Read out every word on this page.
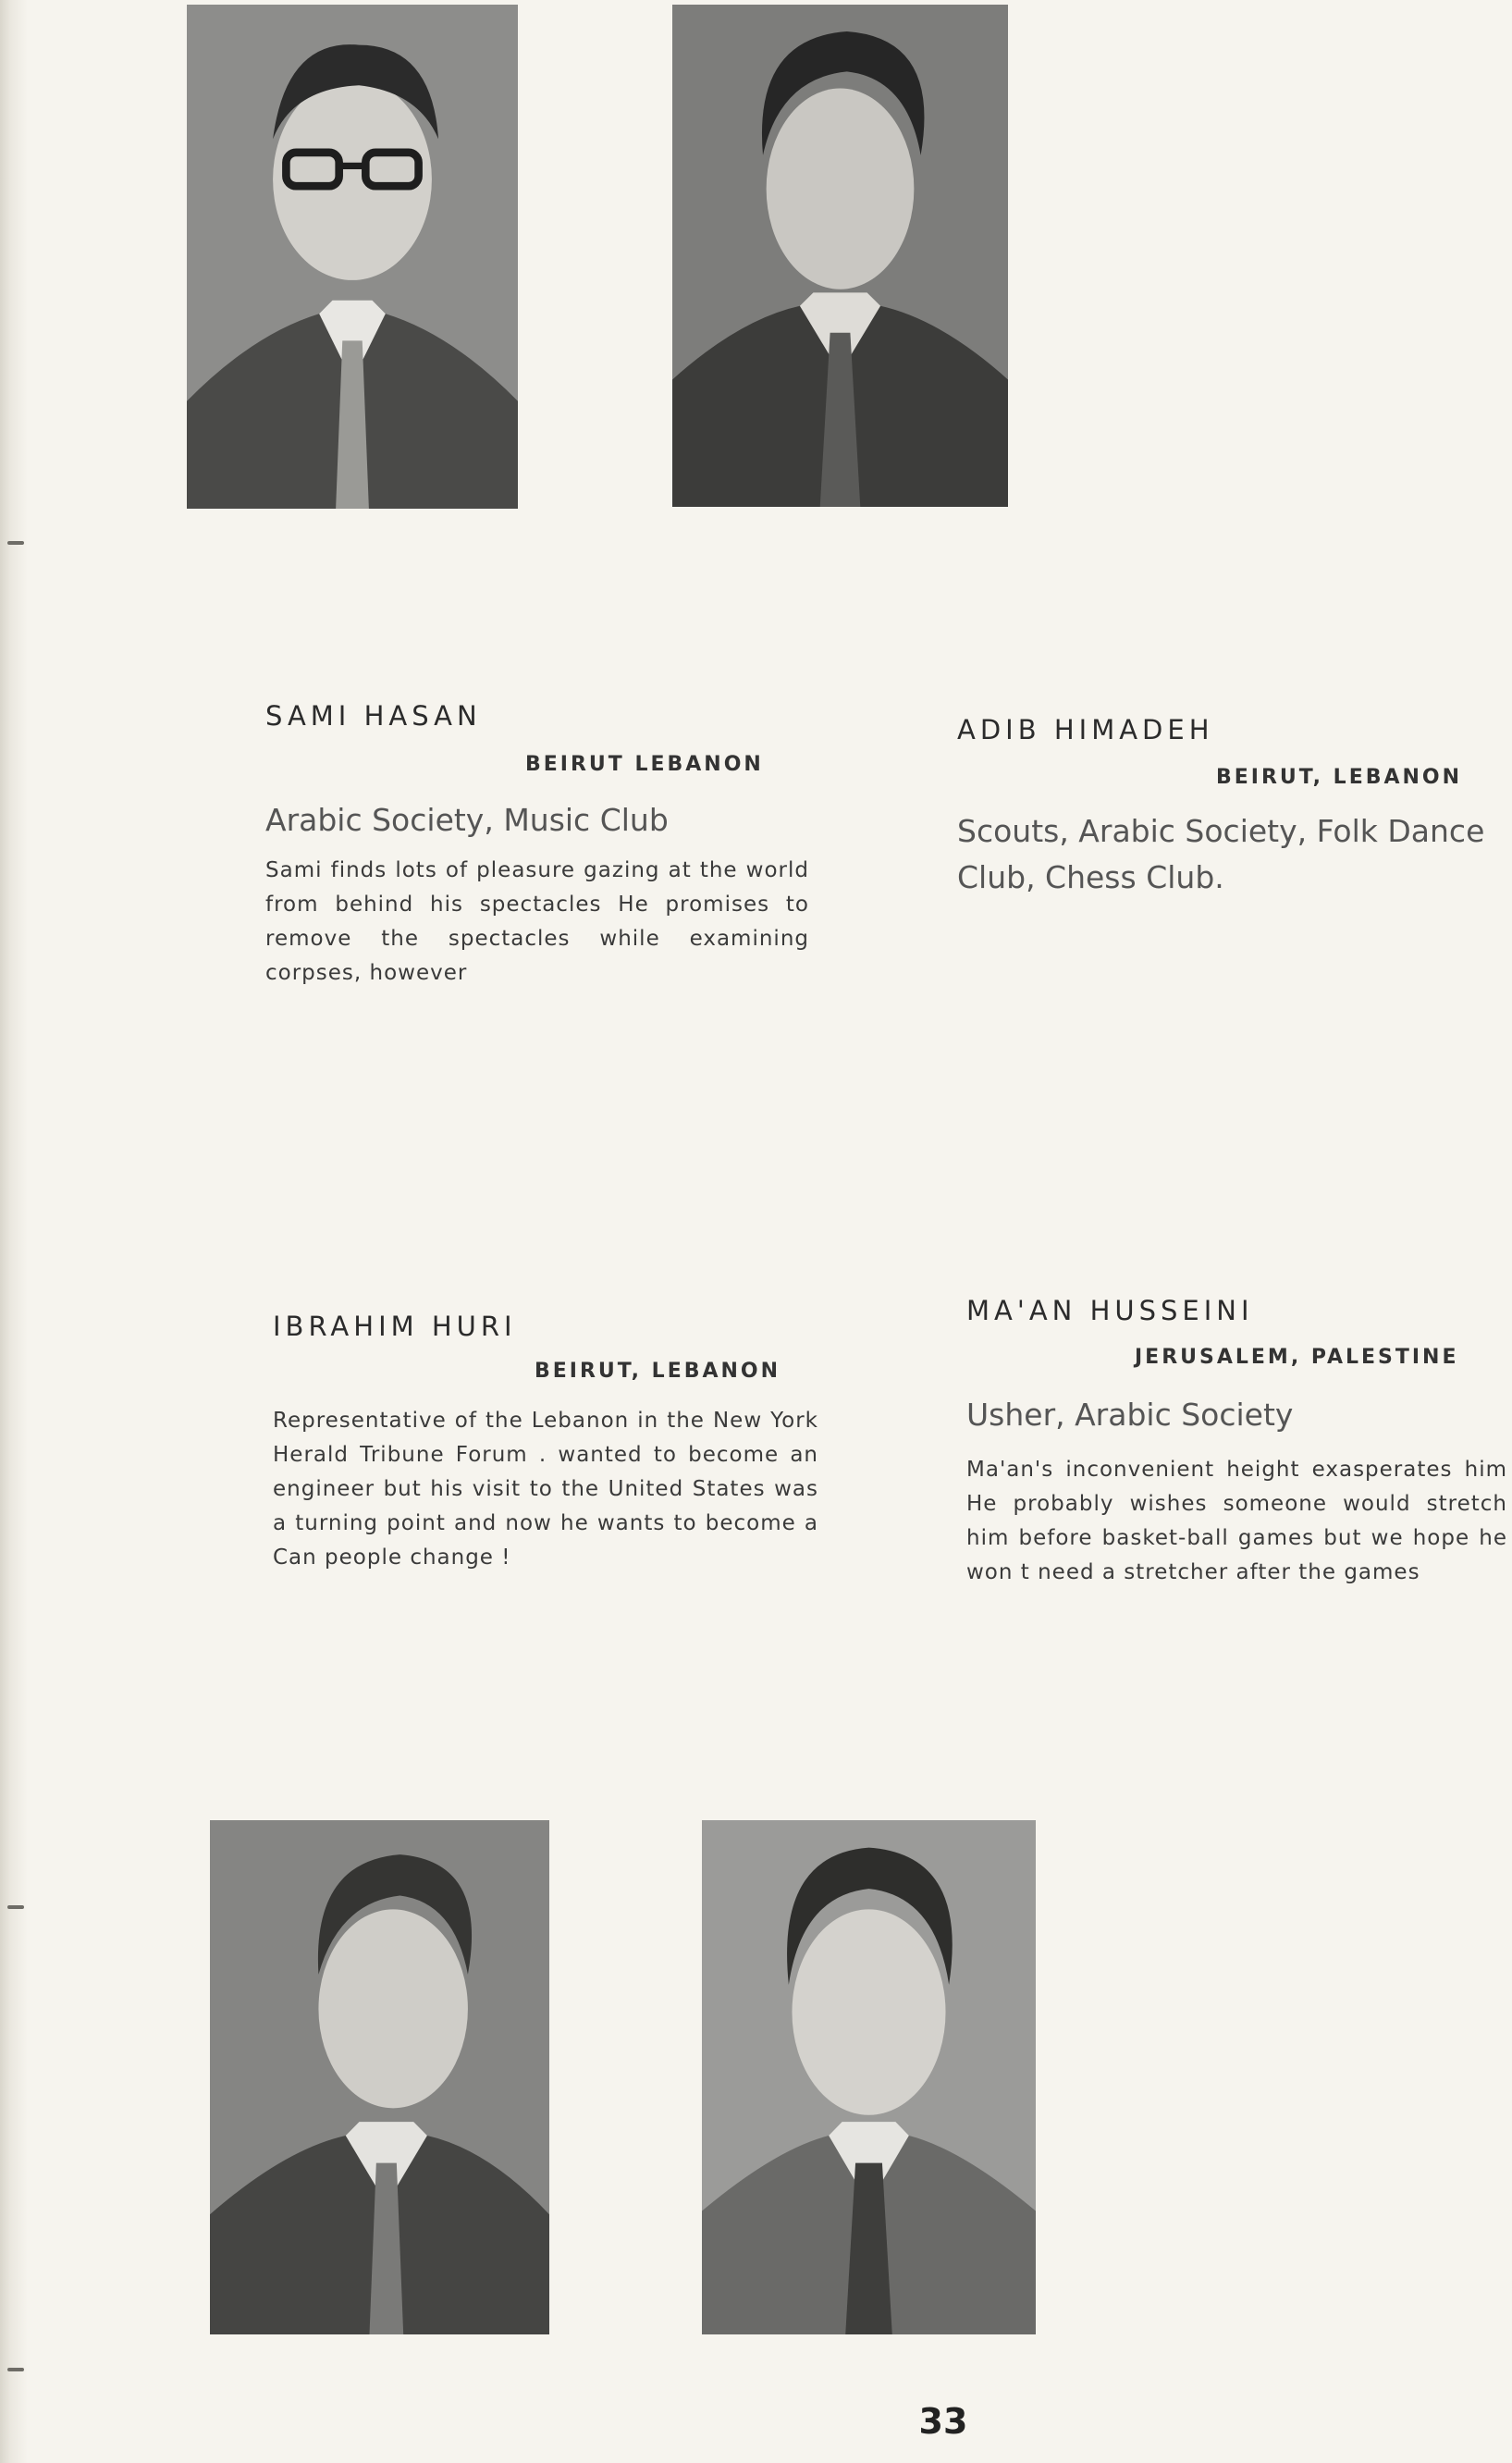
SAMI HASAN
BEIRUT LEBANON
Arabic Society, Music Club
Sami finds lots of pleasure gazing at the world from behind his spectacles He promises to remove the spectacles while examining corpses, however
ADIB HIMADEH
BEIRUT, LEBANON
Scouts, Arabic Society, Folk Dance Club, Chess Club.
IBRAHIM HURI
BEIRUT, LEBANON
Representative of the Lebanon in the New York Herald Tribune Forum . wanted to become an engineer but his visit to the United States was a turning point and now he wants to become a Can people change !
MA'AN HUSSEINI
JERUSALEM, PALESTINE
Usher, Arabic Society
Ma'an's inconvenient height exasperates him He probably wishes someone would stretch him before basket-ball games but we hope he won t need a stretcher after the games
33
